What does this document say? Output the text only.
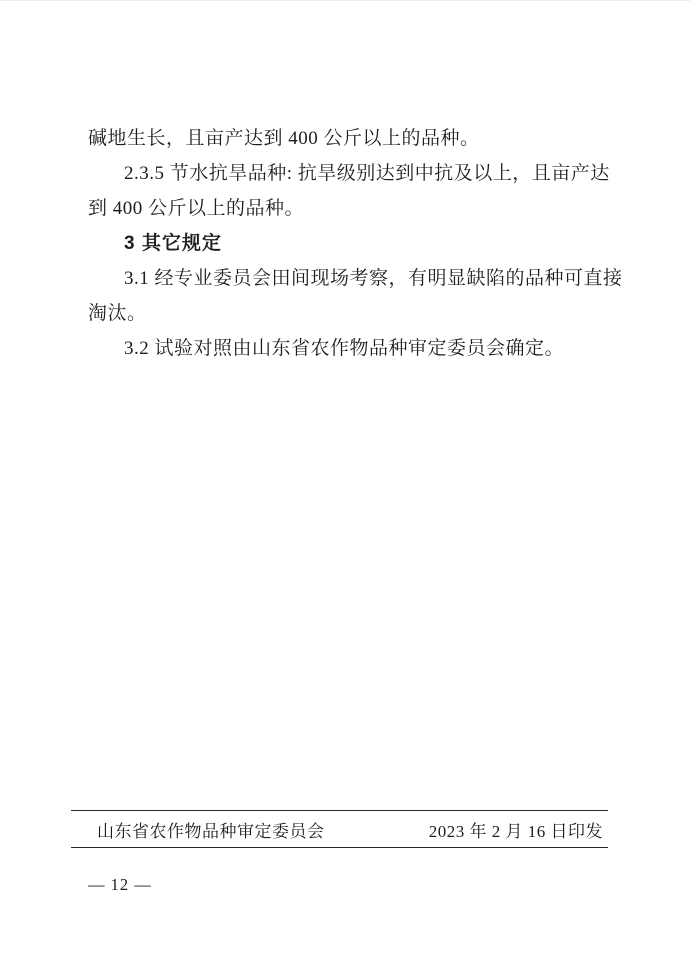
碱地生长，且亩产达到 400 公斤以上的品种。
2.3.5 节水抗旱品种: 抗旱级别达到中抗及以上，且亩产达
到 400 公斤以上的品种。
3 其它规定
3.1 经专业委员会田间现场考察，有明显缺陷的品种可直接
淘汰。
3.2 试验对照由山东省农作物品种审定委员会确定。
山东省农作物品种审定委员会	2023 年 2 月 16 日印发
— 12 —
